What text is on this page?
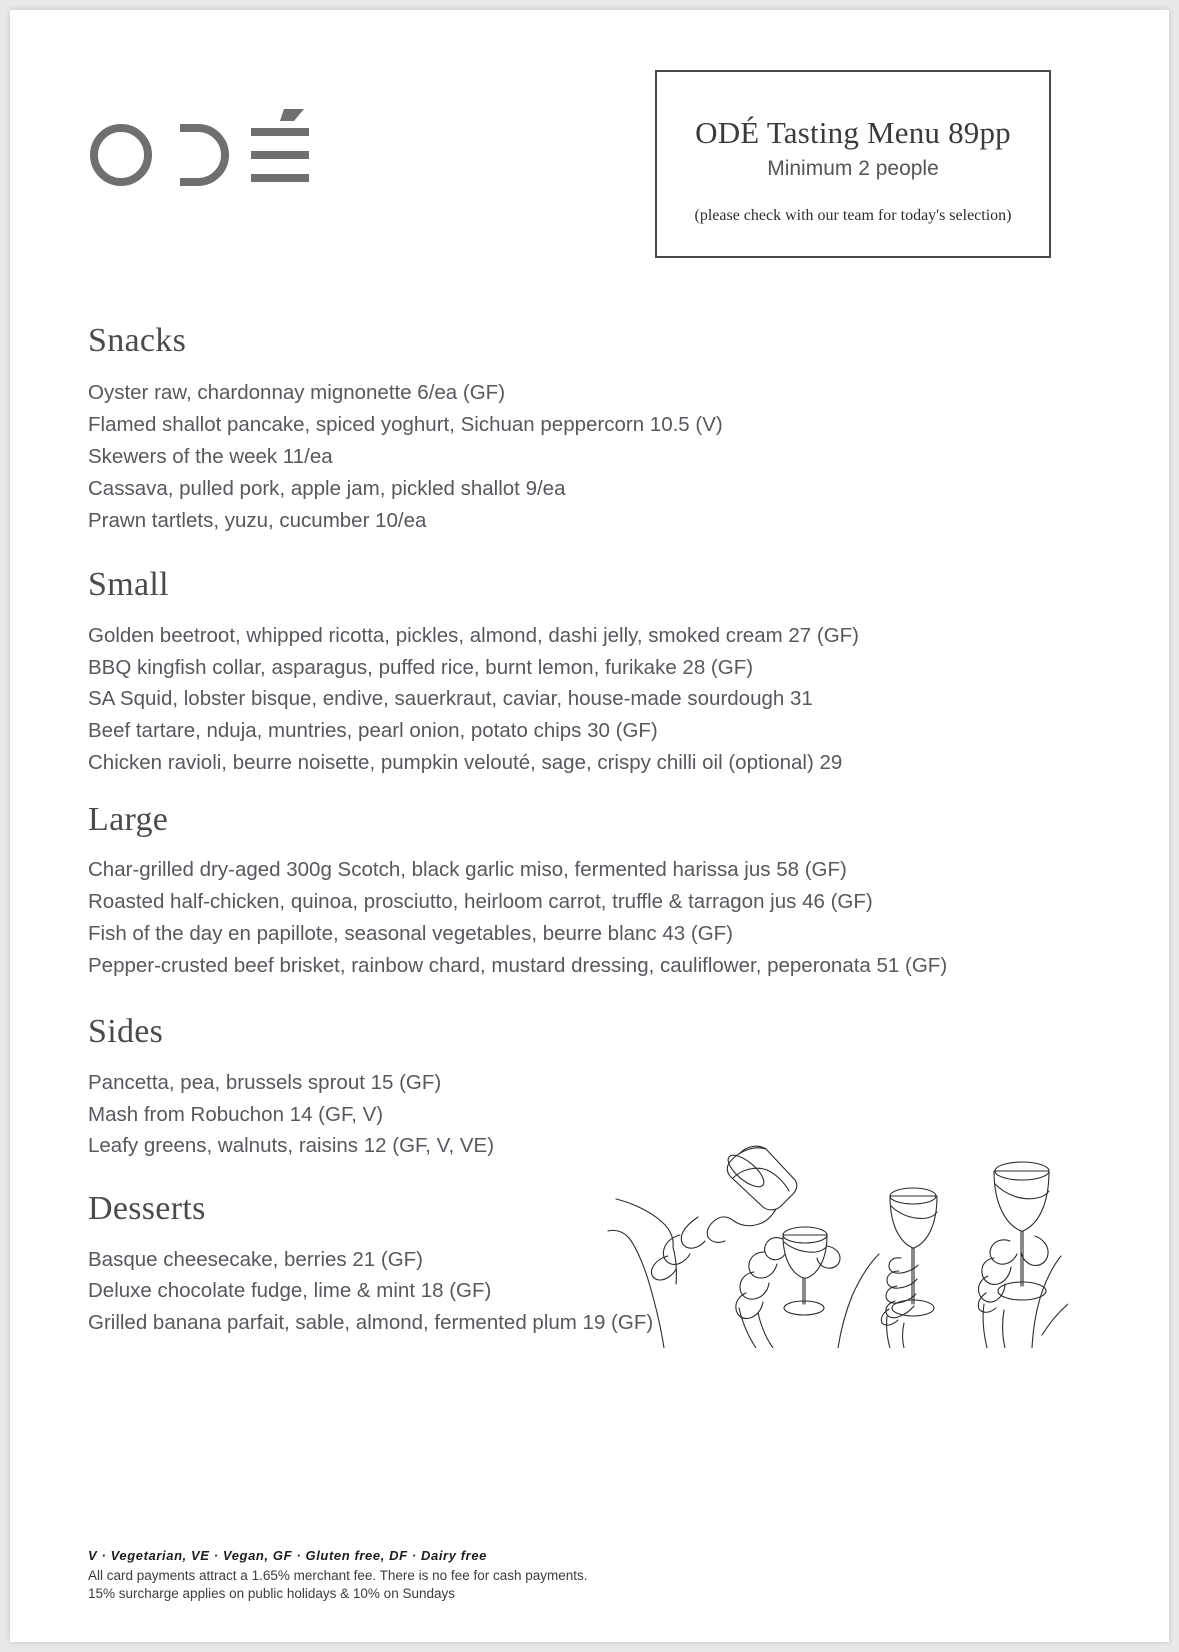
ODÉ Tasting Menu 89pp
Minimum 2 people
(please check with our team for today's selection)
Snacks
Oyster raw, chardonnay mignonette 6/ea (GF)
Flamed shallot pancake, spiced yoghurt, Sichuan peppercorn 10.5 (V)
Skewers of the week 11/ea
Cassava, pulled pork, apple jam, pickled shallot 9/ea
Prawn tartlets, yuzu, cucumber 10/ea
Small
Golden beetroot, whipped ricotta, pickles, almond, dashi jelly, smoked cream 27 (GF)
BBQ kingfish collar, asparagus, puffed rice, burnt lemon, furikake 28 (GF)
SA Squid, lobster bisque, endive, sauerkraut, caviar, house-made sourdough 31
Beef tartare, nduja, muntries, pearl onion, potato chips 30 (GF)
Chicken ravioli, beurre noisette, pumpkin velouté, sage, crispy chilli oil (optional) 29
Large
Char-grilled dry-aged 300g Scotch, black garlic miso, fermented harissa jus 58 (GF)
Roasted half-chicken, quinoa, prosciutto, heirloom carrot, truffle & tarragon jus 46 (GF)
Fish of the day en papillote, seasonal vegetables, beurre blanc 43 (GF)
Pepper-crusted beef brisket, rainbow chard, mustard dressing, cauliflower, peperonata 51 (GF)
Sides
Pancetta, pea, brussels sprout 15 (GF)
Mash from Robuchon 14 (GF, V)
Leafy greens, walnuts, raisins 12 (GF, V, VE)
Desserts
Basque cheesecake, berries 21 (GF)
Deluxe chocolate fudge, lime & mint 18 (GF)
Grilled banana parfait, sable, almond, fermented plum 19 (GF)
V · Vegetarian, VE · Vegan, GF · Gluten free, DF · Dairy free
All card payments attract a 1.65% merchant fee. There is no fee for cash payments.
15% surcharge applies on public holidays & 10% on Sundays
